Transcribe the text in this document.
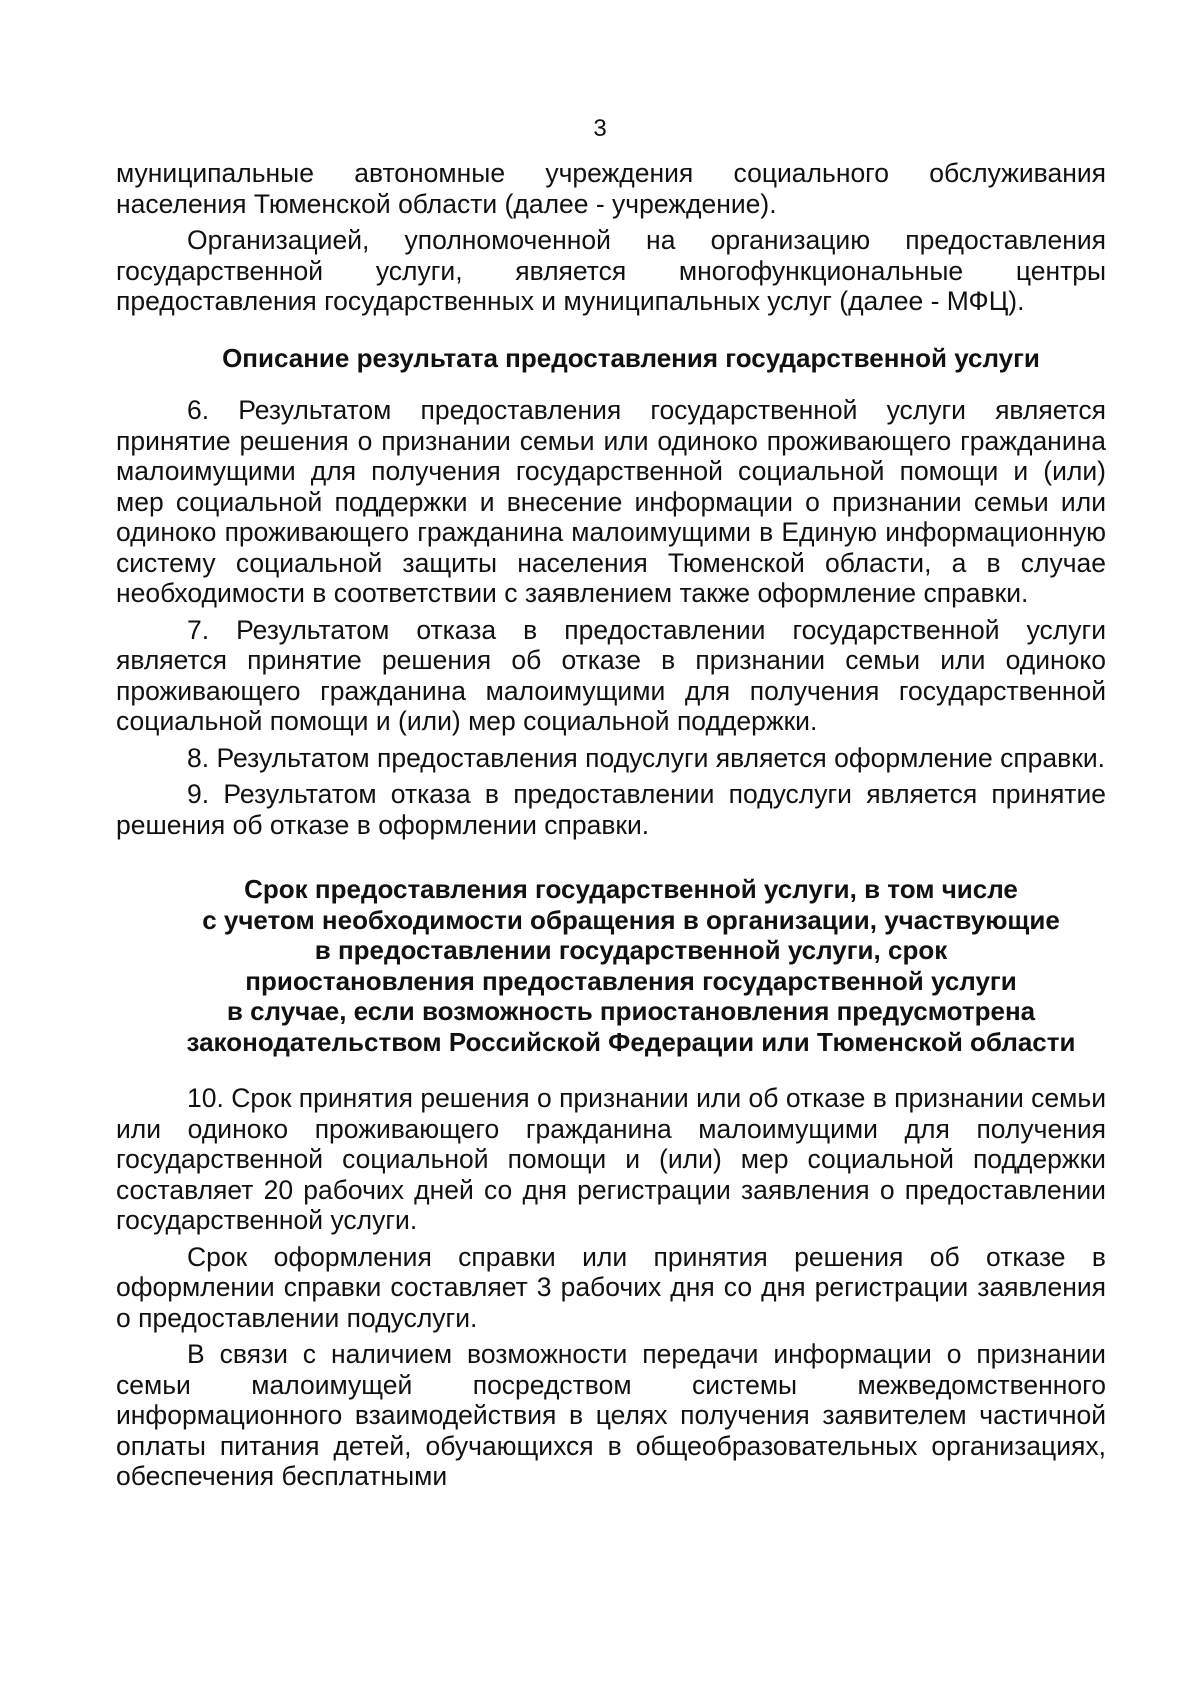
3

муниципальные автономные учреждения социального обслуживания населения Тюменской области (далее - учреждение).

Организацией, уполномоченной на организацию предоставления государственной услуги, является многофункциональные центры предоставления государственных и муниципальных услуг (далее - МФЦ).

Описание результата предоставления государственной услуги

6. Результатом предоставления государственной услуги является принятие решения о признании семьи или одиноко проживающего гражданина малоимущими для получения государственной социальной помощи и (или) мер социальной поддержки и внесение информации о признании семьи или одиноко проживающего гражданина малоимущими в Единую информационную систему социальной защиты населения Тюменской области, а в случае необходимости в соответствии с заявлением также оформление справки.

7. Результатом отказа в предоставлении государственной услуги является принятие решения об отказе в признании семьи или одиноко проживающего гражданина малоимущими для получения государственной социальной помощи и (или) мер социальной поддержки.

8. Результатом предоставления подуслуги является оформление справки.

9. Результатом отказа в предоставлении подуслуги является принятие решения об отказе в оформлении справки.

Срок предоставления государственной услуги, в том числе
с учетом необходимости обращения в организации, участвующие
в предоставлении государственной услуги, срок
приостановления предоставления государственной услуги
в случае, если возможность приостановления предусмотрена
законодательством Российской Федерации или Тюменской области

10. Срок принятия решения о признании или об отказе в признании семьи или одиноко проживающего гражданина малоимущими для получения государственной социальной помощи и (или) мер социальной поддержки составляет 20 рабочих дней со дня регистрации заявления о предоставлении государственной услуги.

Срок оформления справки или принятия решения об отказе в оформлении справки составляет 3 рабочих дня со дня регистрации заявления о предоставлении подуслуги.

В связи с наличием возможности передачи информации о признании семьи малоимущей посредством системы межведомственного информационного взаимодействия в целях получения заявителем частичной оплаты питания детей, обучающихся в общеобразовательных организациях, обеспечения бесплатными
